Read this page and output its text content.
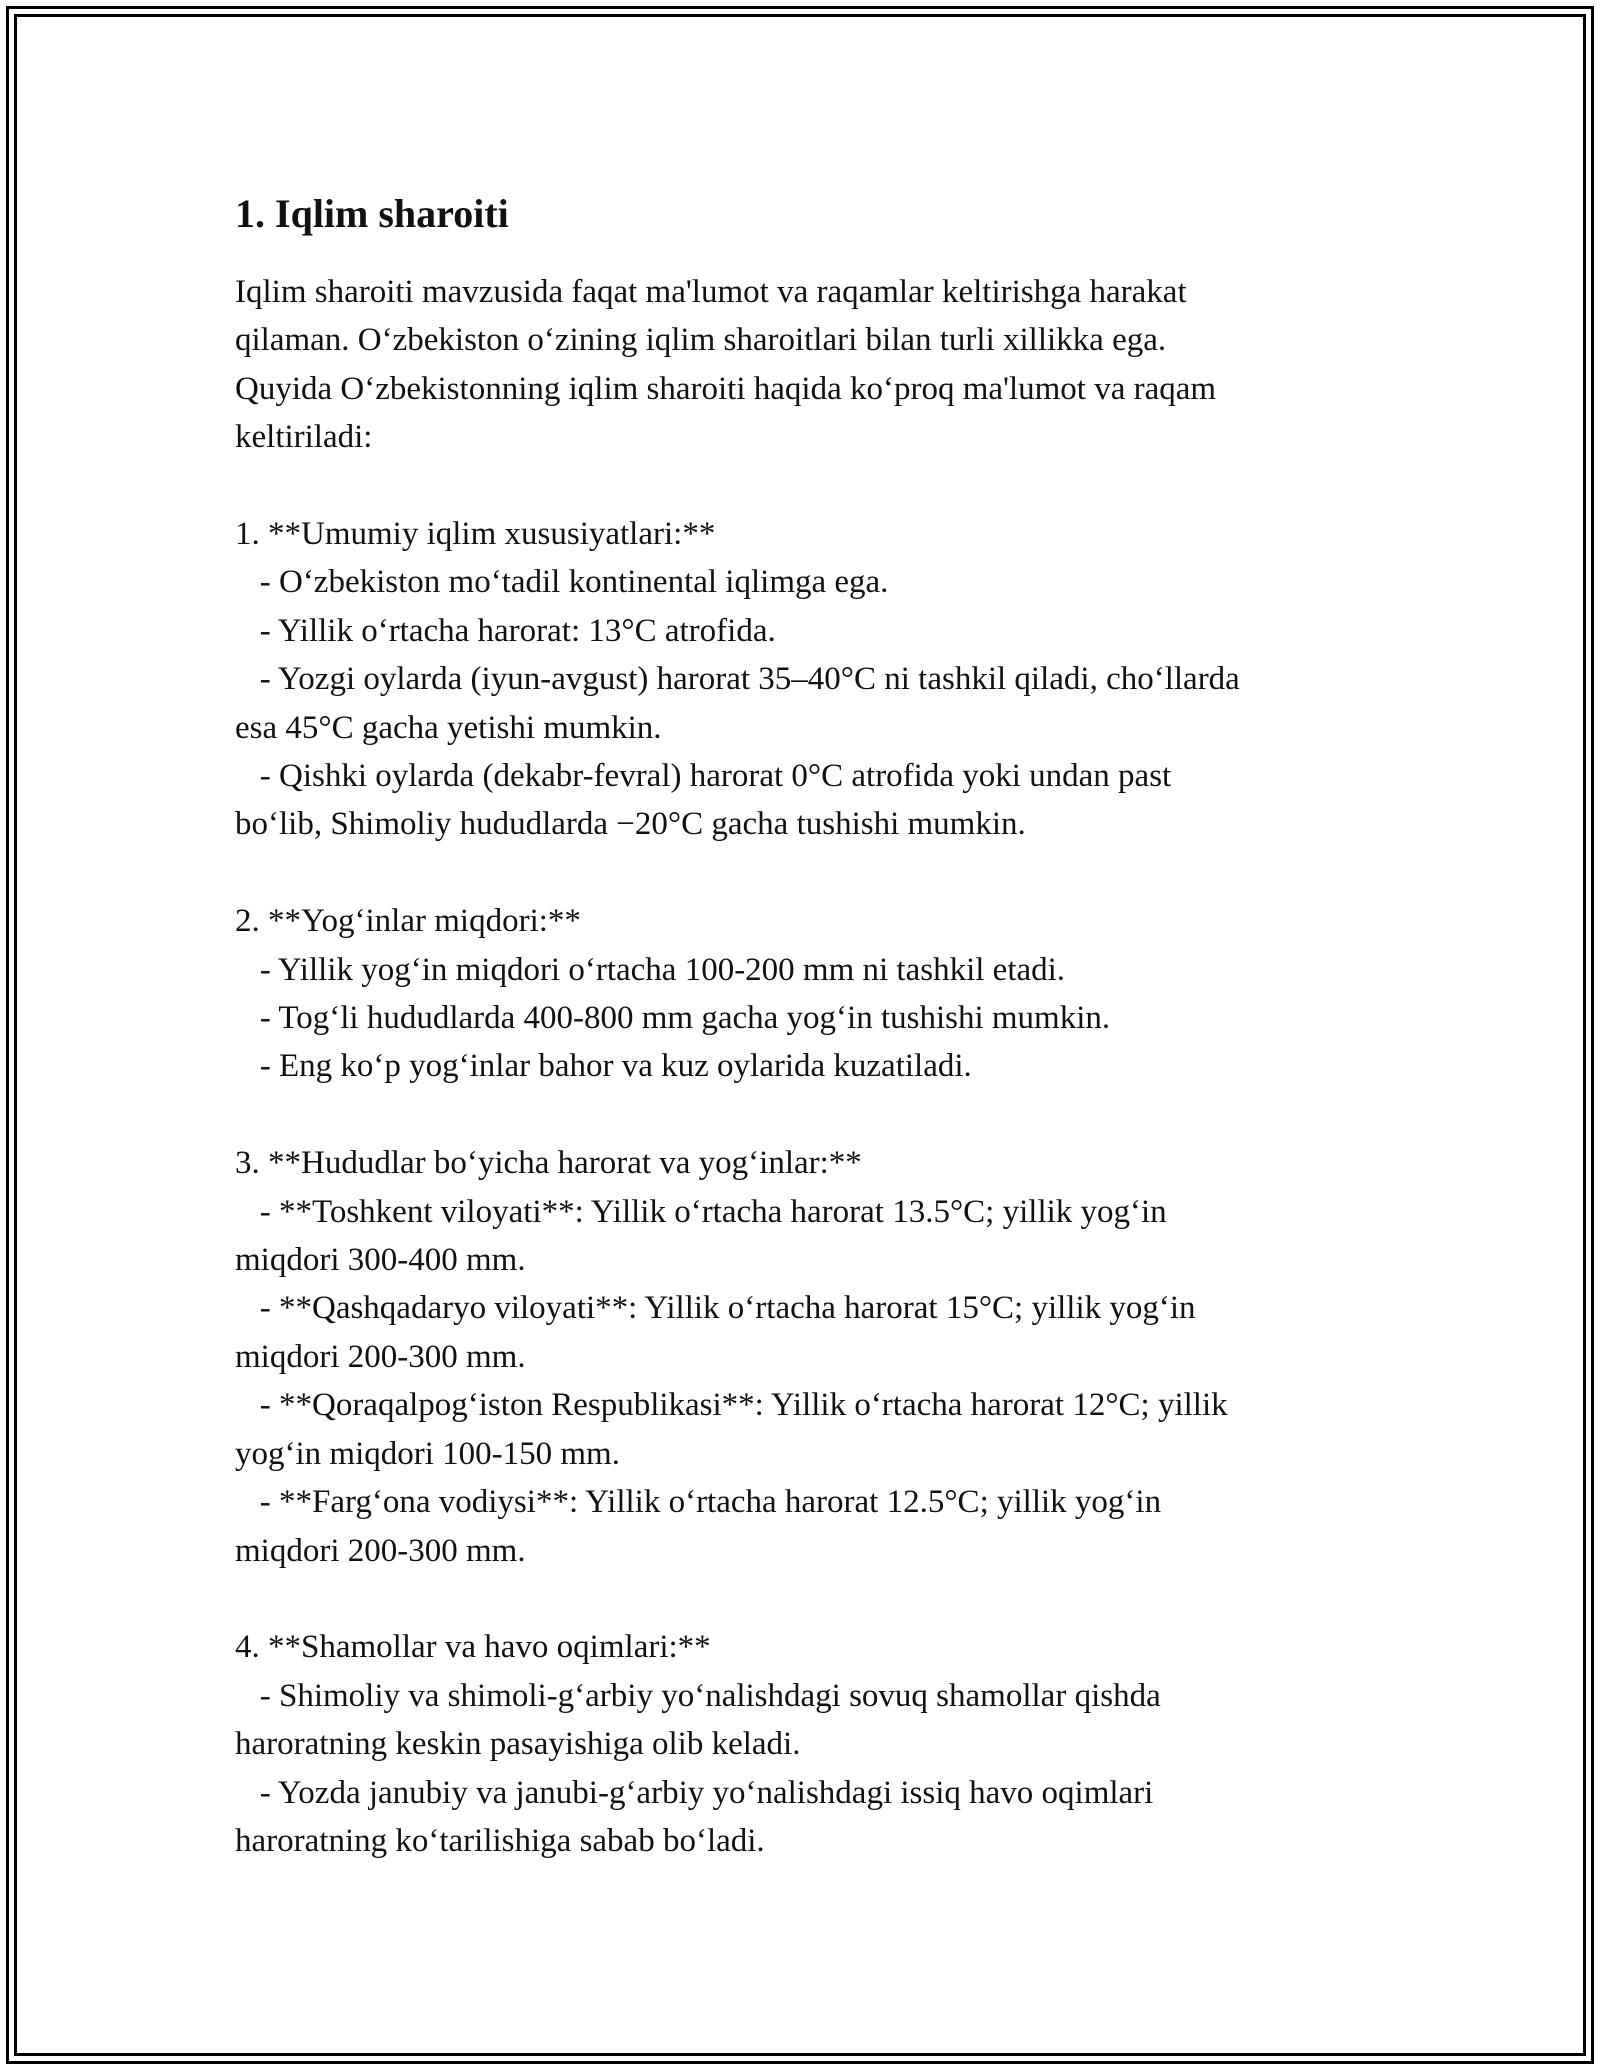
1. Iqlim sharoiti

Iqlim sharoiti mavzusida faqat ma'lumot va raqamlar keltirishga harakat
qilaman. O‘zbekiston o‘zining iqlim sharoitlari bilan turli xillikka ega.
Quyida O‘zbekistonning iqlim sharoiti haqida ko‘proq ma'lumot va raqam
keltiriladi:

1. **Umumiy iqlim xususiyatlari:**
- O‘zbekiston mo‘tadil kontinental iqlimga ega.
- Yillik o‘rtacha harorat: 13°C atrofida.
- Yozgi oylarda (iyun-avgust) harorat 35–40°C ni tashkil qiladi, cho‘llarda
esa 45°C gacha yetishi mumkin.
- Qishki oylarda (dekabr-fevral) harorat 0°C atrofida yoki undan past
bo‘lib, Shimoliy hududlarda −20°C gacha tushishi mumkin.

2. **Yog‘inlar miqdori:**
- Yillik yog‘in miqdori o‘rtacha 100-200 mm ni tashkil etadi.
- Tog‘li hududlarda 400-800 mm gacha yog‘in tushishi mumkin.
- Eng ko‘p yog‘inlar bahor va kuz oylarida kuzatiladi.

3. **Hududlar bo‘yicha harorat va yog‘inlar:**
- **Toshkent viloyati**: Yillik o‘rtacha harorat 13.5°C; yillik yog‘in
miqdori 300-400 mm.
- **Qashqadaryo viloyati**: Yillik o‘rtacha harorat 15°C; yillik yog‘in
miqdori 200-300 mm.
- **Qoraqalpog‘iston Respublikasi**: Yillik o‘rtacha harorat 12°C; yillik
yog‘in miqdori 100-150 mm.
- **Farg‘ona vodiysi**: Yillik o‘rtacha harorat 12.5°C; yillik yog‘in
miqdori 200-300 mm.

4. **Shamollar va havo oqimlari:**
- Shimoliy va shimoli-g‘arbiy yo‘nalishdagi sovuq shamollar qishda
haroratning keskin pasayishiga olib keladi.
- Yozda janubiy va janubi-g‘arbiy yo‘nalishdagi issiq havo oqimlari
haroratning ko‘tarilishiga sabab bo‘ladi.
